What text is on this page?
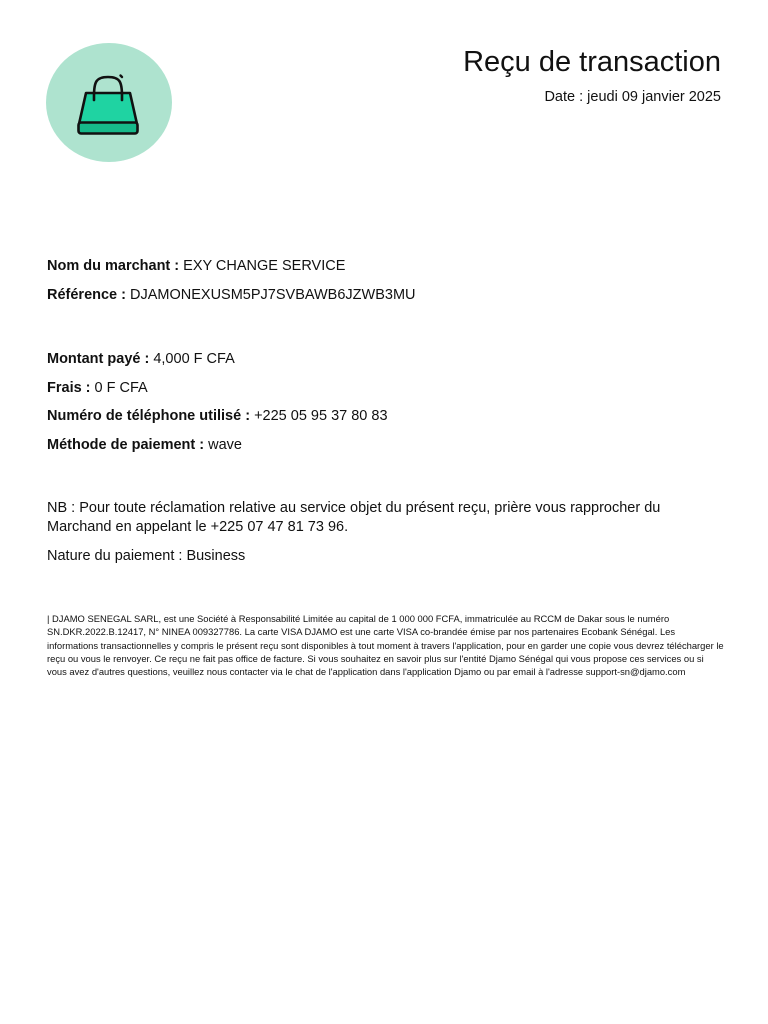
Reçu de transaction
Date : jeudi 09 janvier 2025
Nom du marchant : EXY CHANGE SERVICE
Référence : DJAMONEXUSM5PJ7SVBAWB6JZWB3MU
Montant payé : 4,000 F CFA
Frais : 0 F CFA
Numéro de téléphone utilisé : +225 05 95 37 80 83
Méthode de paiement : wave
NB : Pour toute réclamation relative au service objet du présent reçu, prière vous rapprocher du Marchand en appelant le +225 07 47 81 73 96.
Nature du paiement : Business
| DJAMO SENEGAL SARL, est une Société à Responsabilité Limitée au capital de 1 000 000 FCFA, immatriculée au RCCM de Dakar sous le numéro SN.DKR.2022.B.12417, N° NINEA 009327786. La carte VISA DJAMO est une carte VISA co-brandée émise par nos partenaires Ecobank Sénégal. Les informations transactionnelles y compris le présent reçu sont disponibles à tout moment à travers l'application, pour en garder une copie vous devrez télécharger le reçu ou vous le renvoyer. Ce reçu ne fait pas office de facture. Si vous souhaitez en savoir plus sur l'entité Djamo Sénégal qui vous propose ces services ou si vous avez d'autres questions, veuillez nous contacter via le chat de l'application dans l'application Djamo ou par email à l'adresse support-sn@djamo.com
